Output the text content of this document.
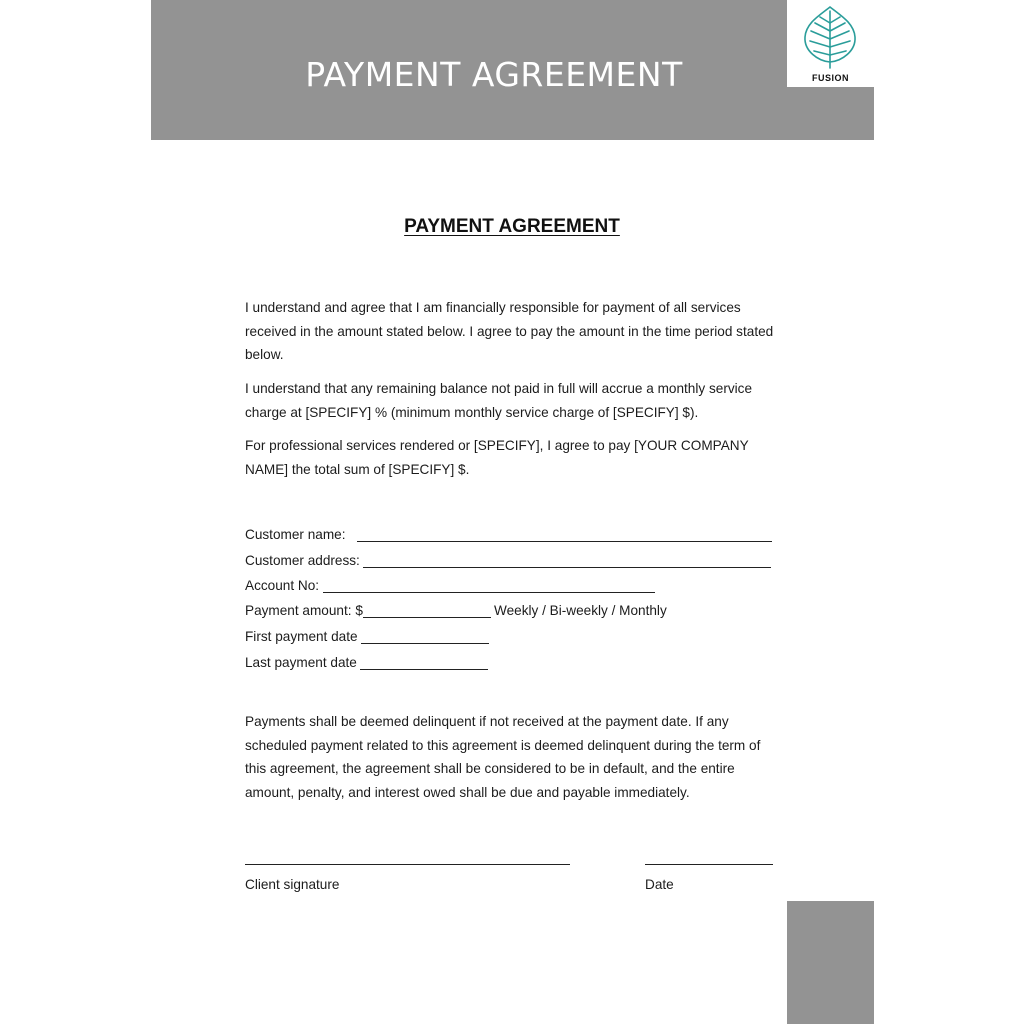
PAYMENT AGREEMENT	FUSION
PAYMENT AGREEMENT
I understand and agree that I am financially responsible for payment of all services received in the amount stated below. I agree to pay the amount in the time period stated below.
I understand that any remaining balance not paid in full will accrue a monthly service charge at [SPECIFY] % (minimum monthly service charge of [SPECIFY] $).
For professional services rendered or [SPECIFY], I agree to pay [YOUR COMPANY NAME] the total sum of [SPECIFY] $.
Customer name:
Customer address:
Account No:
Payment amount: $	Weekly / Bi-weekly / Monthly
First payment date
Last payment date
Payments shall be deemed delinquent if not received at the payment date. If any scheduled payment related to this agreement is deemed delinquent during the term of this agreement, the agreement shall be considered to be in default, and the entire amount, penalty, and interest owed shall be due and payable immediately.
Client signature	Date
